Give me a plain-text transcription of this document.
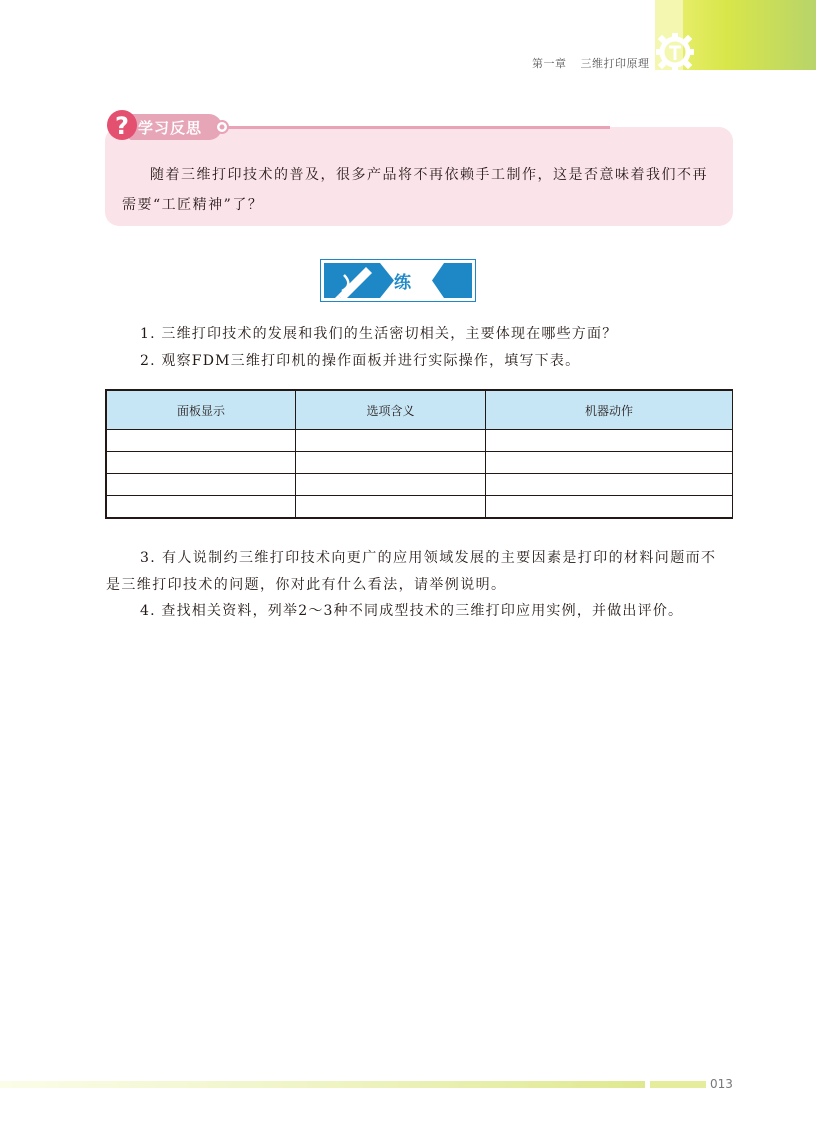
第一章 三维打印原理
? 学习反思
随着三维打印技术的普及，很多产品将不再依赖手工制作，这是否意味着我们不再需要“工匠精神”了？
练 习
1. 三维打印技术的发展和我们的生活密切相关，主要体现在哪些方面？
2. 观察FDM三维打印机的操作面板并进行实际操作，填写下表。
面板显示	选项含义	机器动作

3. 有人说制约三维打印技术向更广的应用领域发展的主要因素是打印的材料问题而不是三维打印技术的问题，你对此有什么看法，请举例说明。
4. 查找相关资料，列举2～3种不同成型技术的三维打印应用实例，并做出评价。
013
